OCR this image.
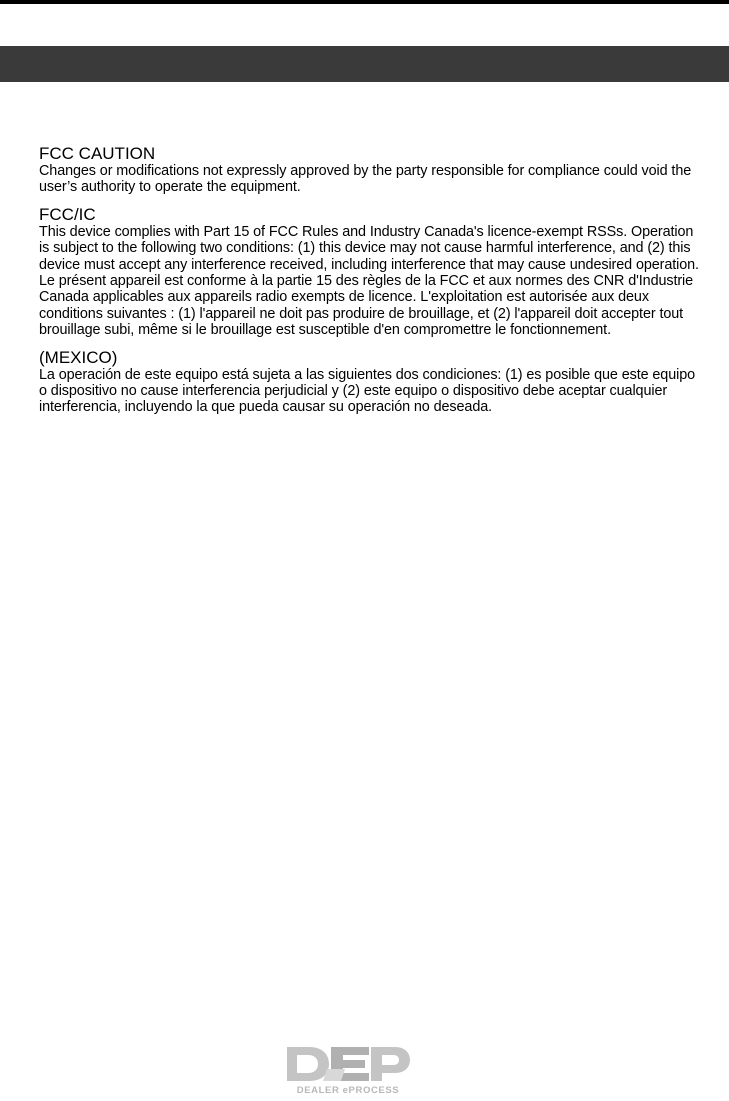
FCC CAUTION

Changes or modifications not expressly approved by the party responsible for compliance could void the user’s authority to operate the equipment.

FCC/IC

This device complies with Part 15 of FCC Rules and Industry Canada's licence-exempt RSSs. Operation is subject to the following two conditions: (1) this device may not cause harmful interference, and (2) this device must accept any interference received, including interference that may cause undesired operation.

Le présent appareil est conforme à la partie 15 des règles de la FCC et aux normes des CNR d'Industrie Canada applicables aux appareils radio exempts de licence. L'exploitation est autorisée aux deux conditions suivantes : (1) l'appareil ne doit pas produire de brouillage, et (2) l'appareil doit accepter tout brouillage subi, même si le brouillage est susceptible d'en compromettre le fonctionnement.

(MEXICO)

La operación de este equipo está sujeta a las siguientes dos condiciones: (1) es posible que este equipo o dispositivo no cause interferencia perjudicial y (2) este equipo o dispositivo debe aceptar cualquier interferencia, incluyendo la que pueda causar su operación no deseada.

DEALER ePROCESS
